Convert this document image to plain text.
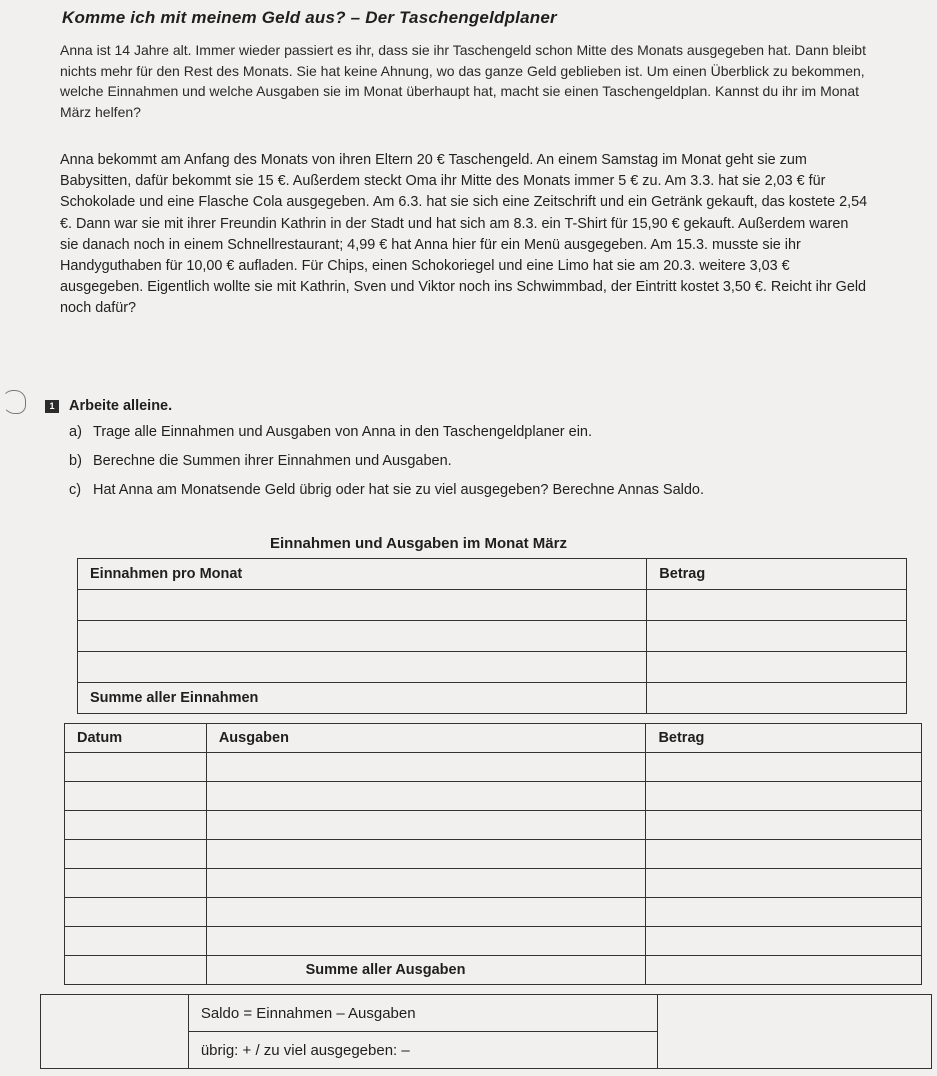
Komme ich mit meinem Geld aus? – Der Taschengeldplaner
Anna ist 14 Jahre alt. Immer wieder passiert es ihr, dass sie ihr Taschengeld schon Mitte des Monats ausgegeben hat. Dann bleibt nichts mehr für den Rest des Monats. Sie hat keine Ahnung, wo das ganze Geld geblieben ist. Um einen Überblick zu bekommen, welche Einnahmen und welche Ausgaben sie im Monat überhaupt hat, macht sie einen Taschengeldplan. Kannst du ihr im Monat März helfen?
Anna bekommt am Anfang des Monats von ihren Eltern 20 € Taschengeld. An einem Samstag im Monat geht sie zum Babysitten, dafür bekommt sie 15 €. Außerdem steckt Oma ihr Mitte des Monats immer 5 € zu. Am 3.3. hat sie 2,03 € für Schokolade und eine Flasche Cola ausgegeben. Am 6.3. hat sie sich eine Zeitschrift und ein Getränk gekauft, das kostete 2,54 €. Dann war sie mit ihrer Freundin Kathrin in der Stadt und hat sich am 8.3. ein T-Shirt für 15,90 € gekauft. Außerdem waren sie danach noch in einem Schnellrestaurant; 4,99 € hat Anna hier für ein Menü ausgegeben. Am 15.3. musste sie ihr Handyguthaben für 10,00 € aufladen. Für Chips, einen Schokoriegel und eine Limo hat sie am 20.3. weitere 3,03 € ausgegeben. Eigentlich wollte sie mit Kathrin, Sven und Viktor noch ins Schwimmbad, der Eintritt kostet 3,50 €. Reicht ihr Geld noch dafür?
1	Arbeite alleine.
a) Trage alle Einnahmen und Ausgaben von Anna in den Taschengeldplaner ein.
b) Berechne die Summen ihrer Einnahmen und Ausgaben.
c) Hat Anna am Monatsende Geld übrig oder hat sie zu viel ausgegeben? Berechne Annas Saldo.
Einnahmen und Ausgaben im Monat März
Einnahmen pro Monat	Betrag

Summe aller Einnahmen	
Datum	Ausgaben	Betrag

	Summe aller Ausgaben	
	Saldo = Einnahmen – Ausgaben	
übrig: + / zu viel ausgegeben: –
